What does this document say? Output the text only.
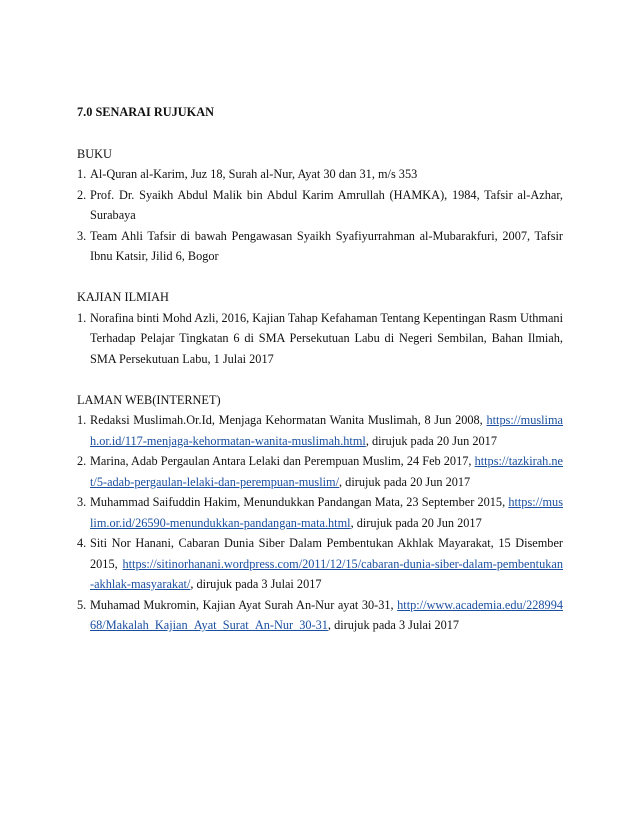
7.0 SENARAI RUJUKAN
BUKU
1. Al-Quran al-Karim, Juz 18, Surah al-Nur, Ayat 30 dan 31, m/s 353
2. Prof. Dr. Syaikh Abdul Malik bin Abdul Karim Amrullah (HAMKA), 1984, Tafsir al-Azhar, Surabaya
3. Team Ahli Tafsir di bawah Pengawasan Syaikh Syafiyurrahman al-Mubarakfuri, 2007, Tafsir Ibnu Katsir, Jilid 6, Bogor
KAJIAN ILMIAH
1. Norafina binti Mohd Azli, 2016, Kajian Tahap Kefahaman Tentang Kepentingan Rasm Uthmani Terhadap Pelajar Tingkatan 6 di SMA Persekutuan Labu di Negeri Sembilan, Bahan Ilmiah, SMA Persekutuan Labu, 1 Julai 2017
LAMAN WEB(INTERNET)
1. Redaksi Muslimah.Or.Id, Menjaga Kehormatan Wanita Muslimah, 8 Jun 2008, https://muslimah.or.id/117-menjaga-kehormatan-wanita-muslimah.html, dirujuk pada 20 Jun 2017
2. Marina, Adab Pergaulan Antara Lelaki dan Perempuan Muslim, 24 Feb 2017, https://tazkirah.net/5-adab-pergaulan-lelaki-dan-perempuan-muslim/, dirujuk pada 20 Jun 2017
3. Muhammad Saifuddin Hakim, Menundukkan Pandangan Mata, 23 September 2015, https://muslim.or.id/26590-menundukkan-pandangan-mata.html, dirujuk pada 20 Jun 2017
4. Siti Nor Hanani, Cabaran Dunia Siber Dalam Pembentukan Akhlak Mayarakat, 15 Disember 2015, https://sitinorhanani.wordpress.com/2011/12/15/cabaran-dunia-siber-dalam-pembentukan-akhlak-masyarakat/, dirujuk pada 3 Julai 2017
5. Muhamad Mukromin, Kajian Ayat Surah An-Nur ayat 30-31, http://www.academia.edu/22899468/Makalah_Kajian_Ayat_Surat_An-Nur_30-31, dirujuk pada 3 Julai 2017
